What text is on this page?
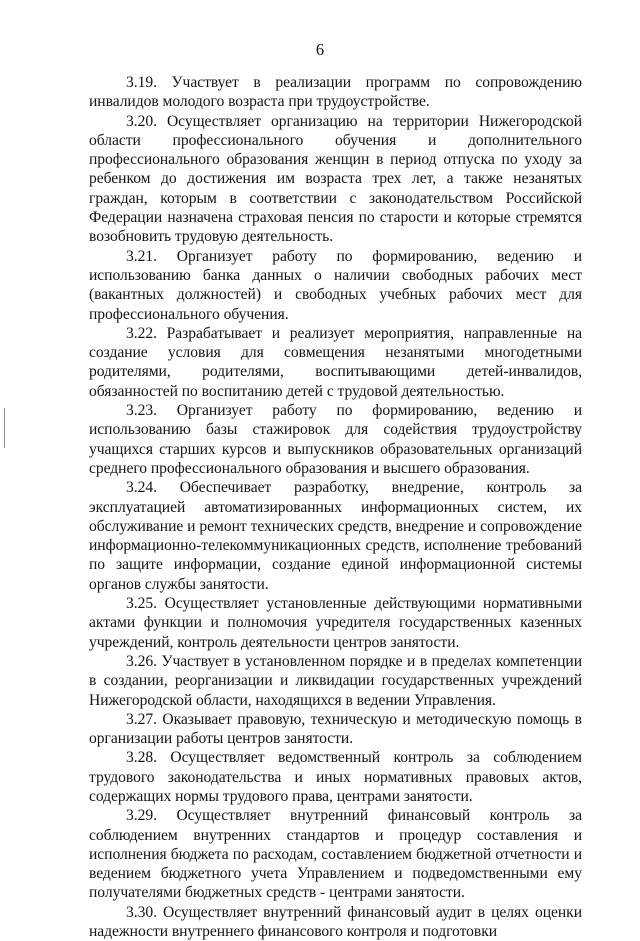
6

3.19. Участвует в реализации программ по сопровождению инвалидов молодого возраста при трудоустройстве.

3.20. Осуществляет организацию на территории Нижегородской области профессионального обучения и дополнительного профессионального образования женщин в период отпуска по уходу за ребенком до достижения им возраста трех лет, а также незанятых граждан, которым в соответствии с законодательством Российской Федерации назначена страховая пенсия по старости и которые стремятся возобновить трудовую деятельность.

3.21. Организует работу по формированию, ведению и использованию банка данных о наличии свободных рабочих мест (вакантных должностей) и свободных учебных рабочих мест для профессионального обучения.

3.22. Разрабатывает и реализует мероприятия, направленные на создание условия для совмещения незанятыми многодетными родителями, родителями, воспитывающими детей-инвалидов, обязанностей по воспитанию детей с трудовой деятельностью.

3.23. Организует работу по формированию, ведению и использованию базы стажировок для содействия трудоустройству учащихся старших курсов и выпускников образовательных организаций среднего профессионального образования и высшего образования.

3.24. Обеспечивает разработку, внедрение, контроль за эксплуатацией автоматизированных информационных систем, их обслуживание и ремонт технических средств, внедрение и сопровождение информационно-телекоммуникационных средств, исполнение требований по защите информации, создание единой информационной системы органов службы занятости.

3.25. Осуществляет установленные действующими нормативными актами функции и полномочия учредителя государственных казенных учреждений, контроль деятельности центров занятости.

3.26. Участвует в установленном порядке и в пределах компетенции в создании, реорганизации и ликвидации государственных учреждений Нижегородской области, находящихся в ведении Управления.

3.27. Оказывает правовую, техническую и методическую помощь в организации работы центров занятости.

3.28. Осуществляет ведомственный контроль за соблюдением трудового законодательства и иных нормативных правовых актов, содержащих нормы трудового права, центрами занятости.

3.29. Осуществляет внутренний финансовый контроль за соблюдением внутренних стандартов и процедур составления и исполнения бюджета по расходам, составлением бюджетной отчетности и ведением бюджетного учета Управлением и подведомственными ему получателями бюджетных средств - центрами занятости.

3.30. Осуществляет внутренний финансовый аудит в целях оценки надежности внутреннего финансового контроля и подготовки
